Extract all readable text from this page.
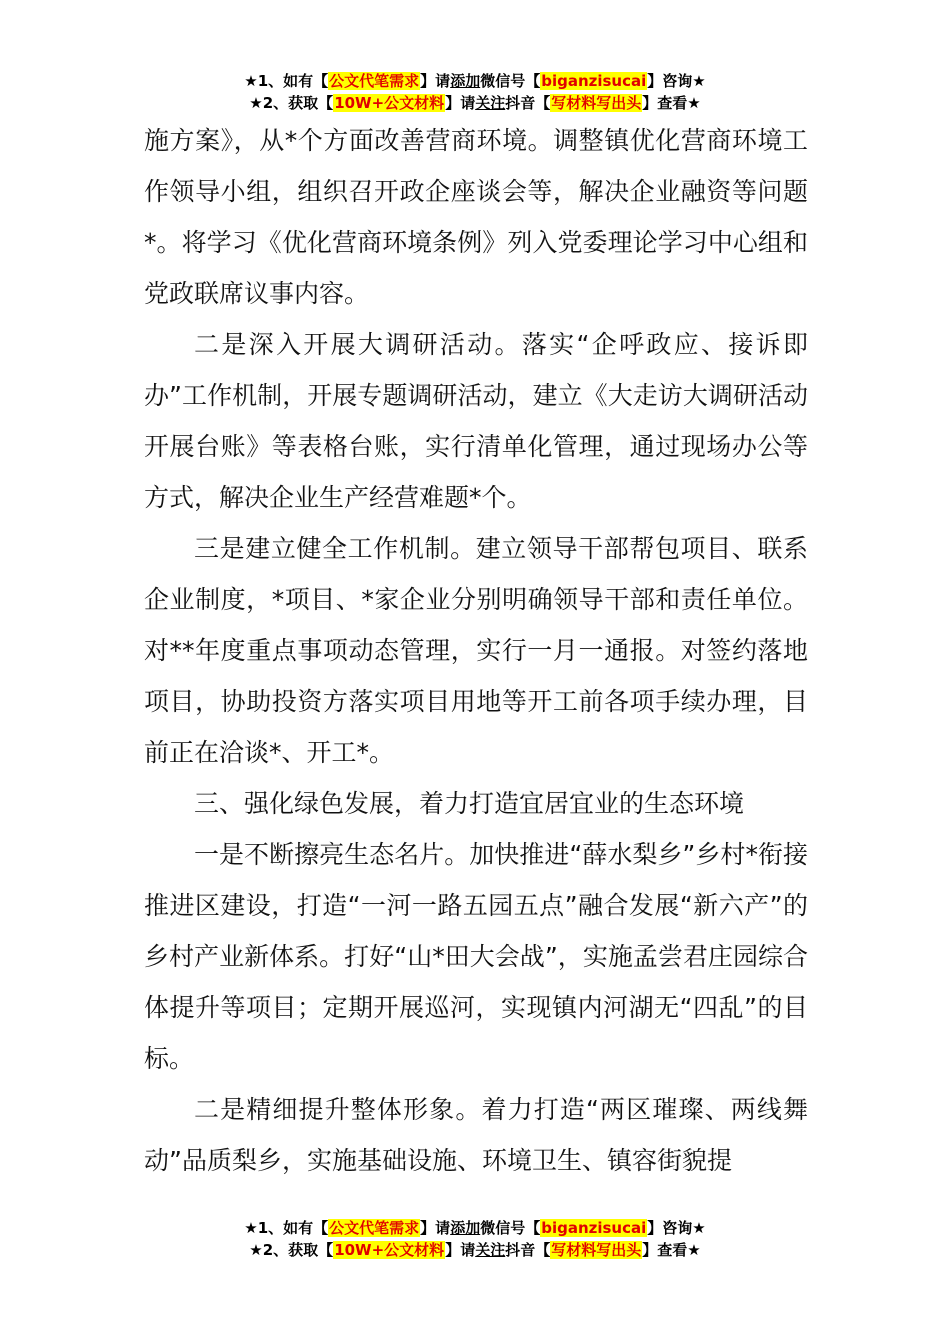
★1、如有【公文代笔需求】请添加微信号【biganzisucai】咨询★
★2、获取【10W+公文材料】请关注抖音【写材料写出头】查看★

施方案》，从*个方面改善营商环境。调整镇优化营商环境工作领导小组，组织召开政企座谈会等，解决企业融资等问题*。将学习《优化营商环境条例》列入党委理论学习中心组和党政联席议事内容。

二是深入开展大调研活动。落实“企呼政应、接诉即办”工作机制，开展专题调研活动，建立《大走访大调研活动开展台账》等表格台账，实行清单化管理，通过现场办公等方式，解决企业生产经营难题*个。

三是建立健全工作机制。建立领导干部帮包项目、联系企业制度，*项目、*家企业分别明确领导干部和责任单位。对**年度重点事项动态管理，实行一月一通报。对签约落地项目，协助投资方落实项目用地等开工前各项手续办理，目前正在洽谈*、开工*。

三、强化绿色发展，着力打造宜居宜业的生态环境

一是不断擦亮生态名片。加快推进“薛水梨乡”乡村*衔接推进区建设，打造“一河一路五园五点”融合发展“新六产”的乡村产业新体系。打好“山*田大会战”，实施孟尝君庄园综合体提升等项目；定期开展巡河，实现镇内河湖无“四乱”的目标。

二是精细提升整体形象。着力打造“两区璀璨、两线舞动”品质梨乡，实施基础设施、环境卫生、镇容街貌提

★1、如有【公文代笔需求】请添加微信号【biganzisucai】咨询★
★2、获取【10W+公文材料】请关注抖音【写材料写出头】查看★
